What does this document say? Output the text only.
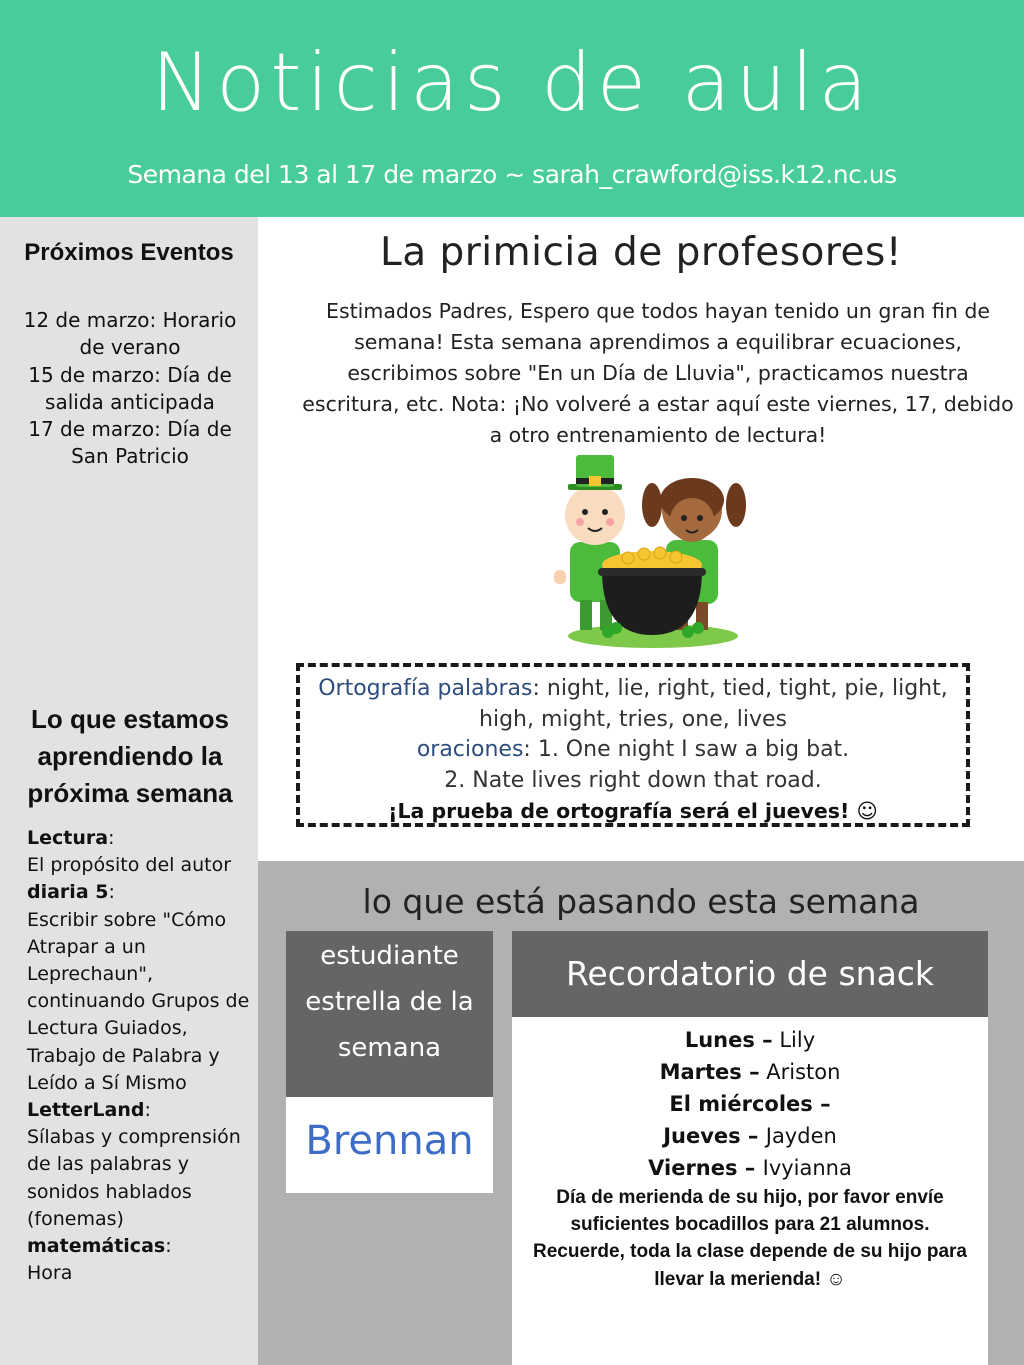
Noticias de aula
Semana del 13 al 17 de marzo ~ sarah_crawford@iss.k12.nc.us
Próximos Eventos
12 de marzo: Horario de verano
15 de marzo: Día de salida anticipada
17 de marzo: Día de San Patricio
Lo que estamos aprendiendo la próxima semana
Lectura:
El propósito del autor
diaria 5:
Escribir sobre "Cómo Atrapar a un Leprechaun", continuando Grupos de Lectura Guiados, Trabajo de Palabra y Leído a Sí Mismo
LetterLand:
Sílabas y comprensión de las palabras y sonidos hablados (fonemas)
matemáticas:
Hora
La primicia de profesores!
Estimados Padres, Espero que todos hayan tenido un gran fin de semana! Esta semana aprendimos a equilibrar ecuaciones, escribimos sobre "En un Día de Lluvia", practicamos nuestra escritura, etc. Nota: ¡No volveré a estar aquí este viernes, 17, debido a otro entrenamiento de lectura!
Ortografía palabras: night, lie, right, tied, tight, pie, light, high, might, tries, one, lives
oraciones: 1. One night I saw a big bat.
2. Nate lives right down that road.
¡La prueba de ortografía será el jueves! ☺
lo que está pasando esta semana
estudiante estrella de la semana
Brennan
Recordatorio de snack
Lunes – Lily
Martes – Ariston
El miércoles –
Jueves – Jayden
Viernes – Ivyianna
Día de merienda de su hijo, por favor envíe suficientes bocadillos para 21 alumnos. Recuerde, toda la clase depende de su hijo para llevar la merienda! ☺
